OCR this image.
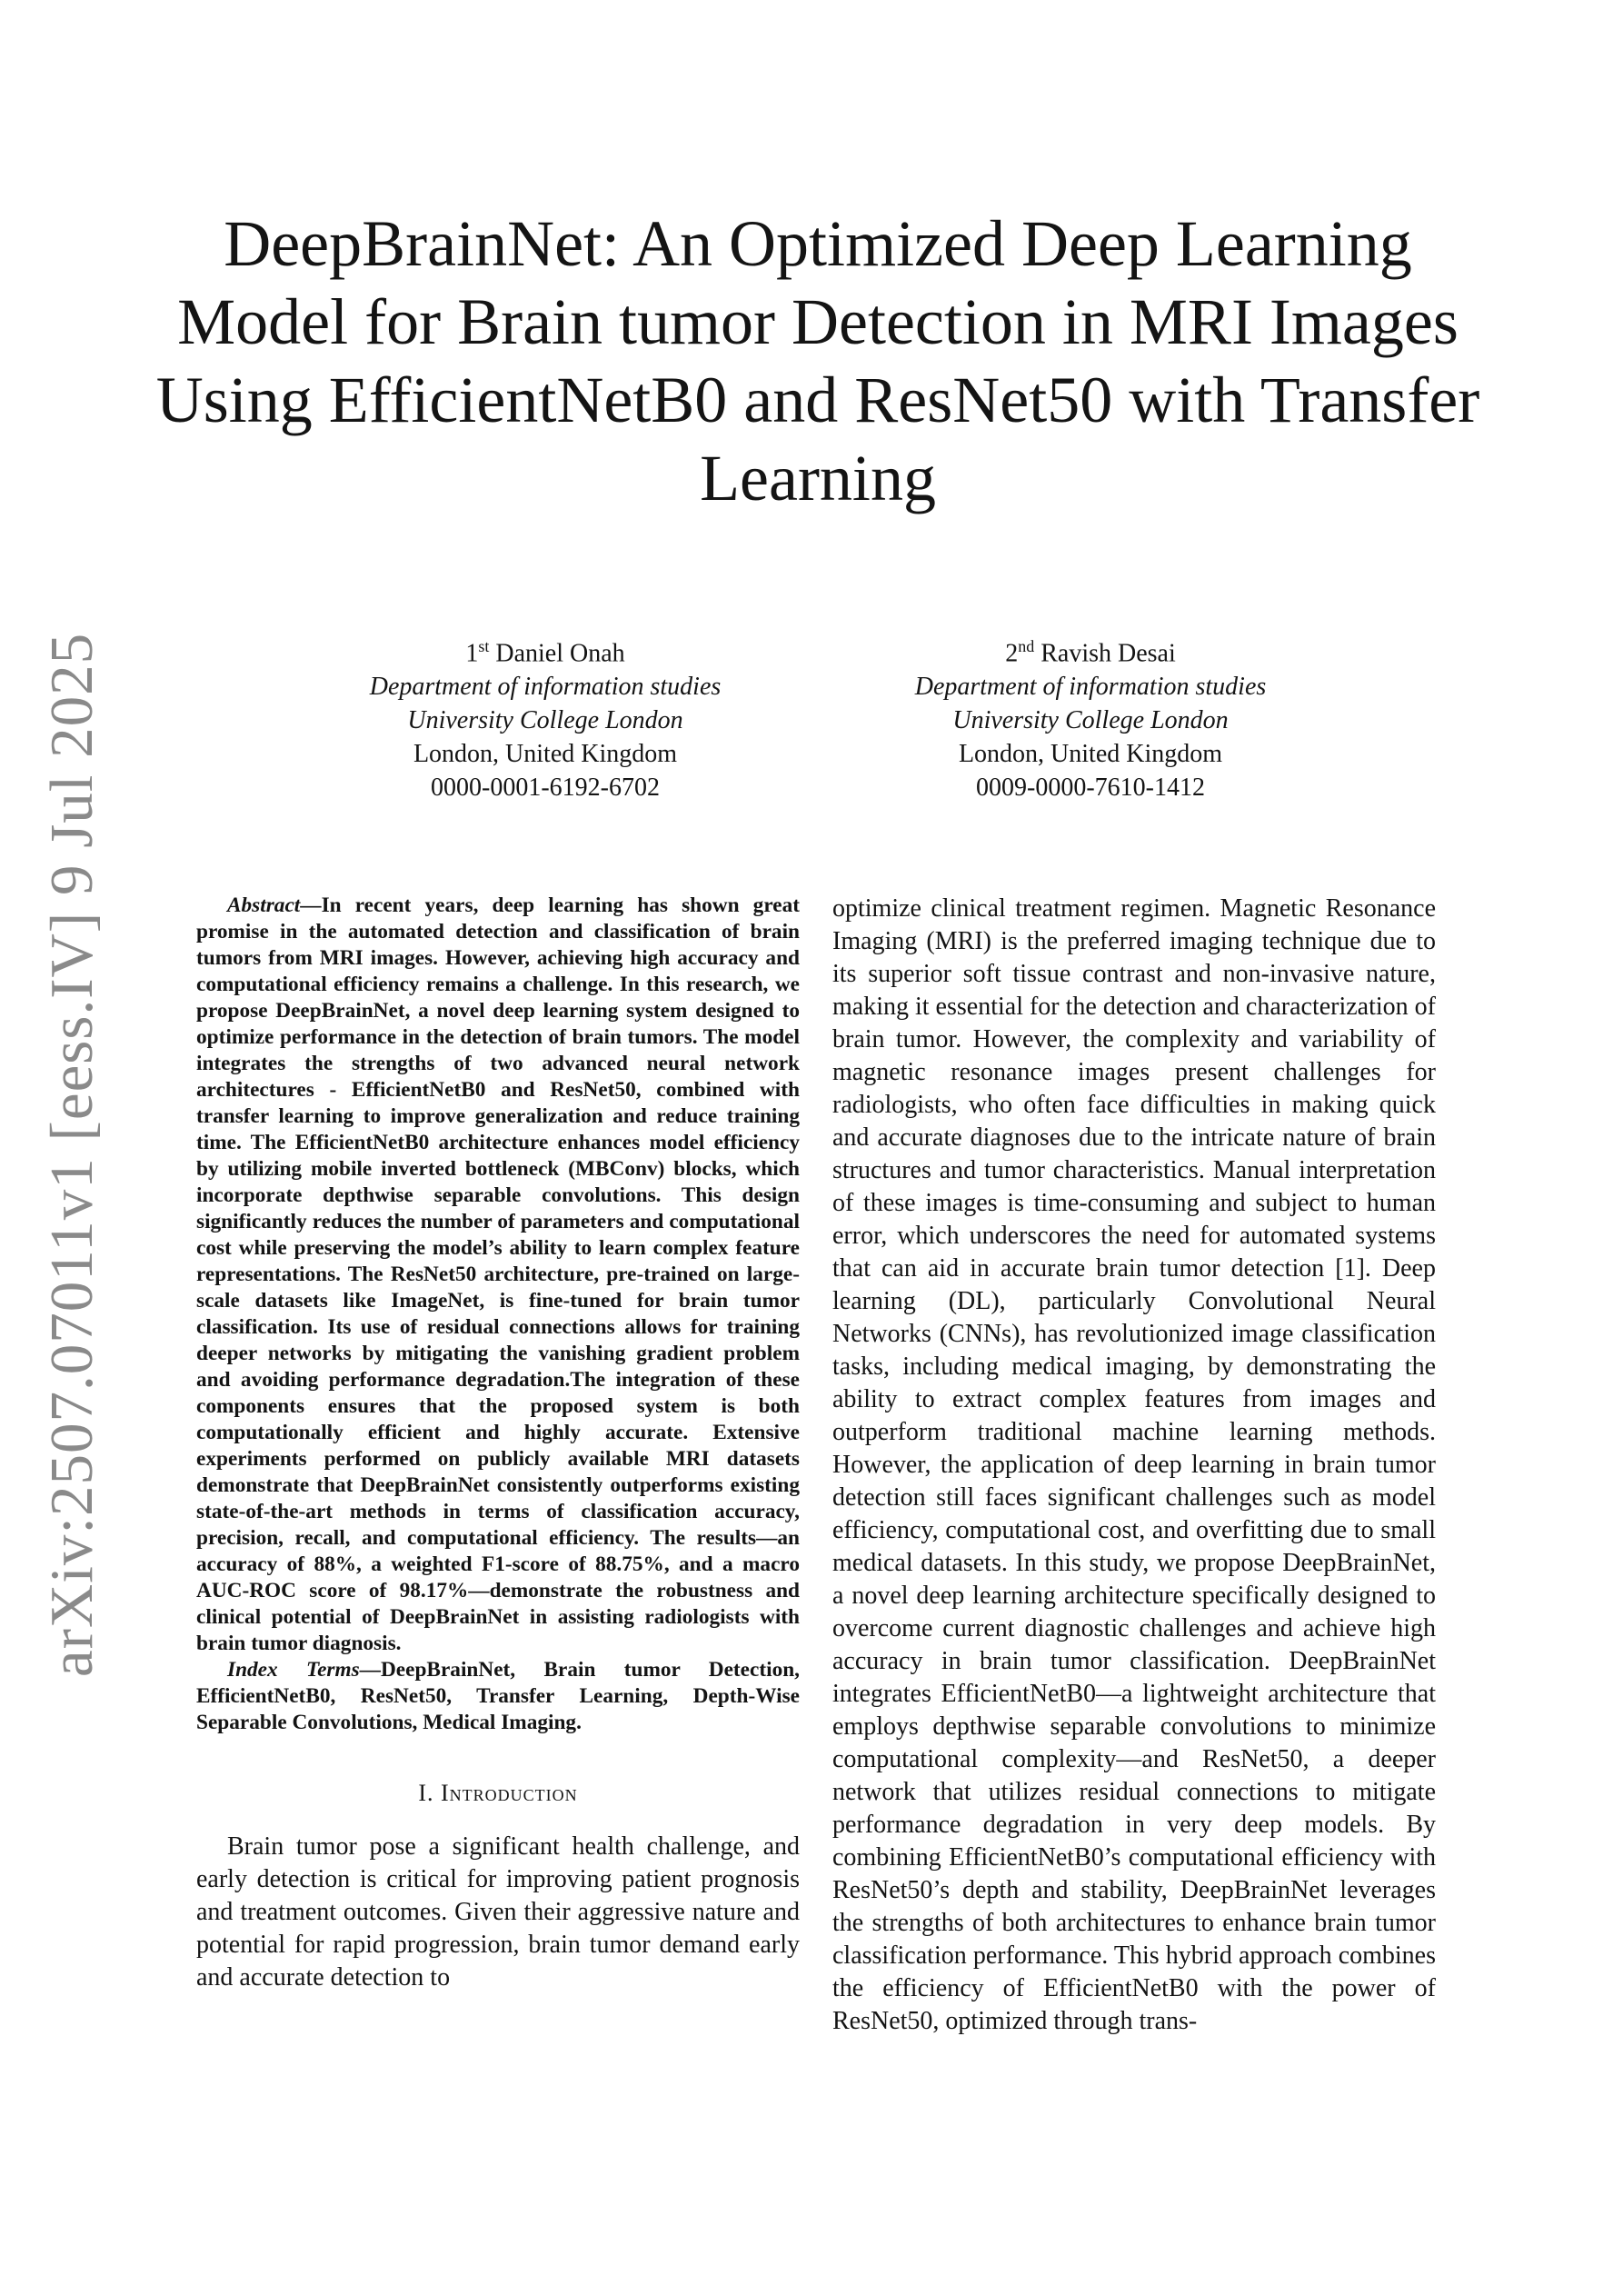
arXiv:2507.07011v1 [eess.IV] 9 Jul 2025
DeepBrainNet: An Optimized Deep Learning Model for Brain tumor Detection in MRI Images Using EfficientNetB0 and ResNet50 with Transfer Learning
1st Daniel Onah
Department of information studies
University College London
London, United Kingdom
0000-0001-6192-6702
2nd Ravish Desai
Department of information studies
University College London
London, United Kingdom
0009-0000-7610-1412

Abstract—In recent years, deep learning has shown great promise in the automated detection and classification of brain tumors from MRI images. However, achieving high accuracy and computational efficiency remains a challenge. In this research, we propose DeepBrainNet, a novel deep learning system designed to optimize performance in the detection of brain tumors. The model integrates the strengths of two advanced neural network architectures - EfficientNetB0 and ResNet50, combined with transfer learning to improve generalization and reduce training time. The EfficientNetB0 architecture enhances model efficiency by utilizing mobile inverted bottleneck (MBConv) blocks, which incorporate depthwise separable convolutions. This design significantly reduces the number of parameters and computational cost while preserving the model’s ability to learn complex feature representations. The ResNet50 architecture, pre-trained on large-scale datasets like ImageNet, is fine-tuned for brain tumor classification. Its use of residual connections allows for training deeper networks by mitigating the vanishing gradient problem and avoiding performance degradation.The integration of these components ensures that the proposed system is both computationally efficient and highly accurate. Extensive experiments performed on publicly available MRI datasets demonstrate that DeepBrainNet consistently outperforms existing state-of-the-art methods in terms of classification accuracy, precision, recall, and computational efficiency. The results—an accuracy of 88%, a weighted F1-score of 88.75%, and a macro AUC-ROC score of 98.17%—demonstrate the robustness and clinical potential of DeepBrainNet in assisting radiologists with brain tumor diagnosis.

Index Terms—DeepBrainNet, Brain tumor Detection, EfficientNetB0, ResNet50, Transfer Learning, Depth-Wise Separable Convolutions, Medical Imaging.

I. Introduction

Brain tumor pose a significant health challenge, and early detection is critical for improving patient prognosis and treatment outcomes. Given their aggressive nature and potential for rapid progression, brain tumor demand early and accurate detection to

optimize clinical treatment regimen. Magnetic Resonance Imaging (MRI) is the preferred imaging technique due to its superior soft tissue contrast and non-invasive nature, making it essential for the detection and characterization of brain tumor. However, the complexity and variability of magnetic resonance images present challenges for radiologists, who often face difficulties in making quick and accurate diagnoses due to the intricate nature of brain structures and tumor characteristics. Manual interpretation of these images is time-consuming and subject to human error, which underscores the need for automated systems that can aid in accurate brain tumor detection [1]. Deep learning (DL), particularly Convolutional Neural Networks (CNNs), has revolutionized image classification tasks, including medical imaging, by demonstrating the ability to extract complex features from images and outperform traditional machine learning methods. However, the application of deep learning in brain tumor detection still faces significant challenges such as model efficiency, computational cost, and overfitting due to small medical datasets. In this study, we propose DeepBrainNet, a novel deep learning architecture specifically designed to overcome current diagnostic challenges and achieve high accuracy in brain tumor classification. DeepBrainNet integrates EfficientNetB0—a lightweight architecture that employs depthwise separable convolutions to minimize computational complexity—and ResNet50, a deeper network that utilizes residual connections to mitigate performance degradation in very deep models. By combining EfficientNetB0’s computational efficiency with ResNet50’s depth and stability, DeepBrainNet leverages the strengths of both architectures to enhance brain tumor classification performance. This hybrid approach combines the efficiency of EfficientNetB0 with the power of ResNet50, optimized through trans-
